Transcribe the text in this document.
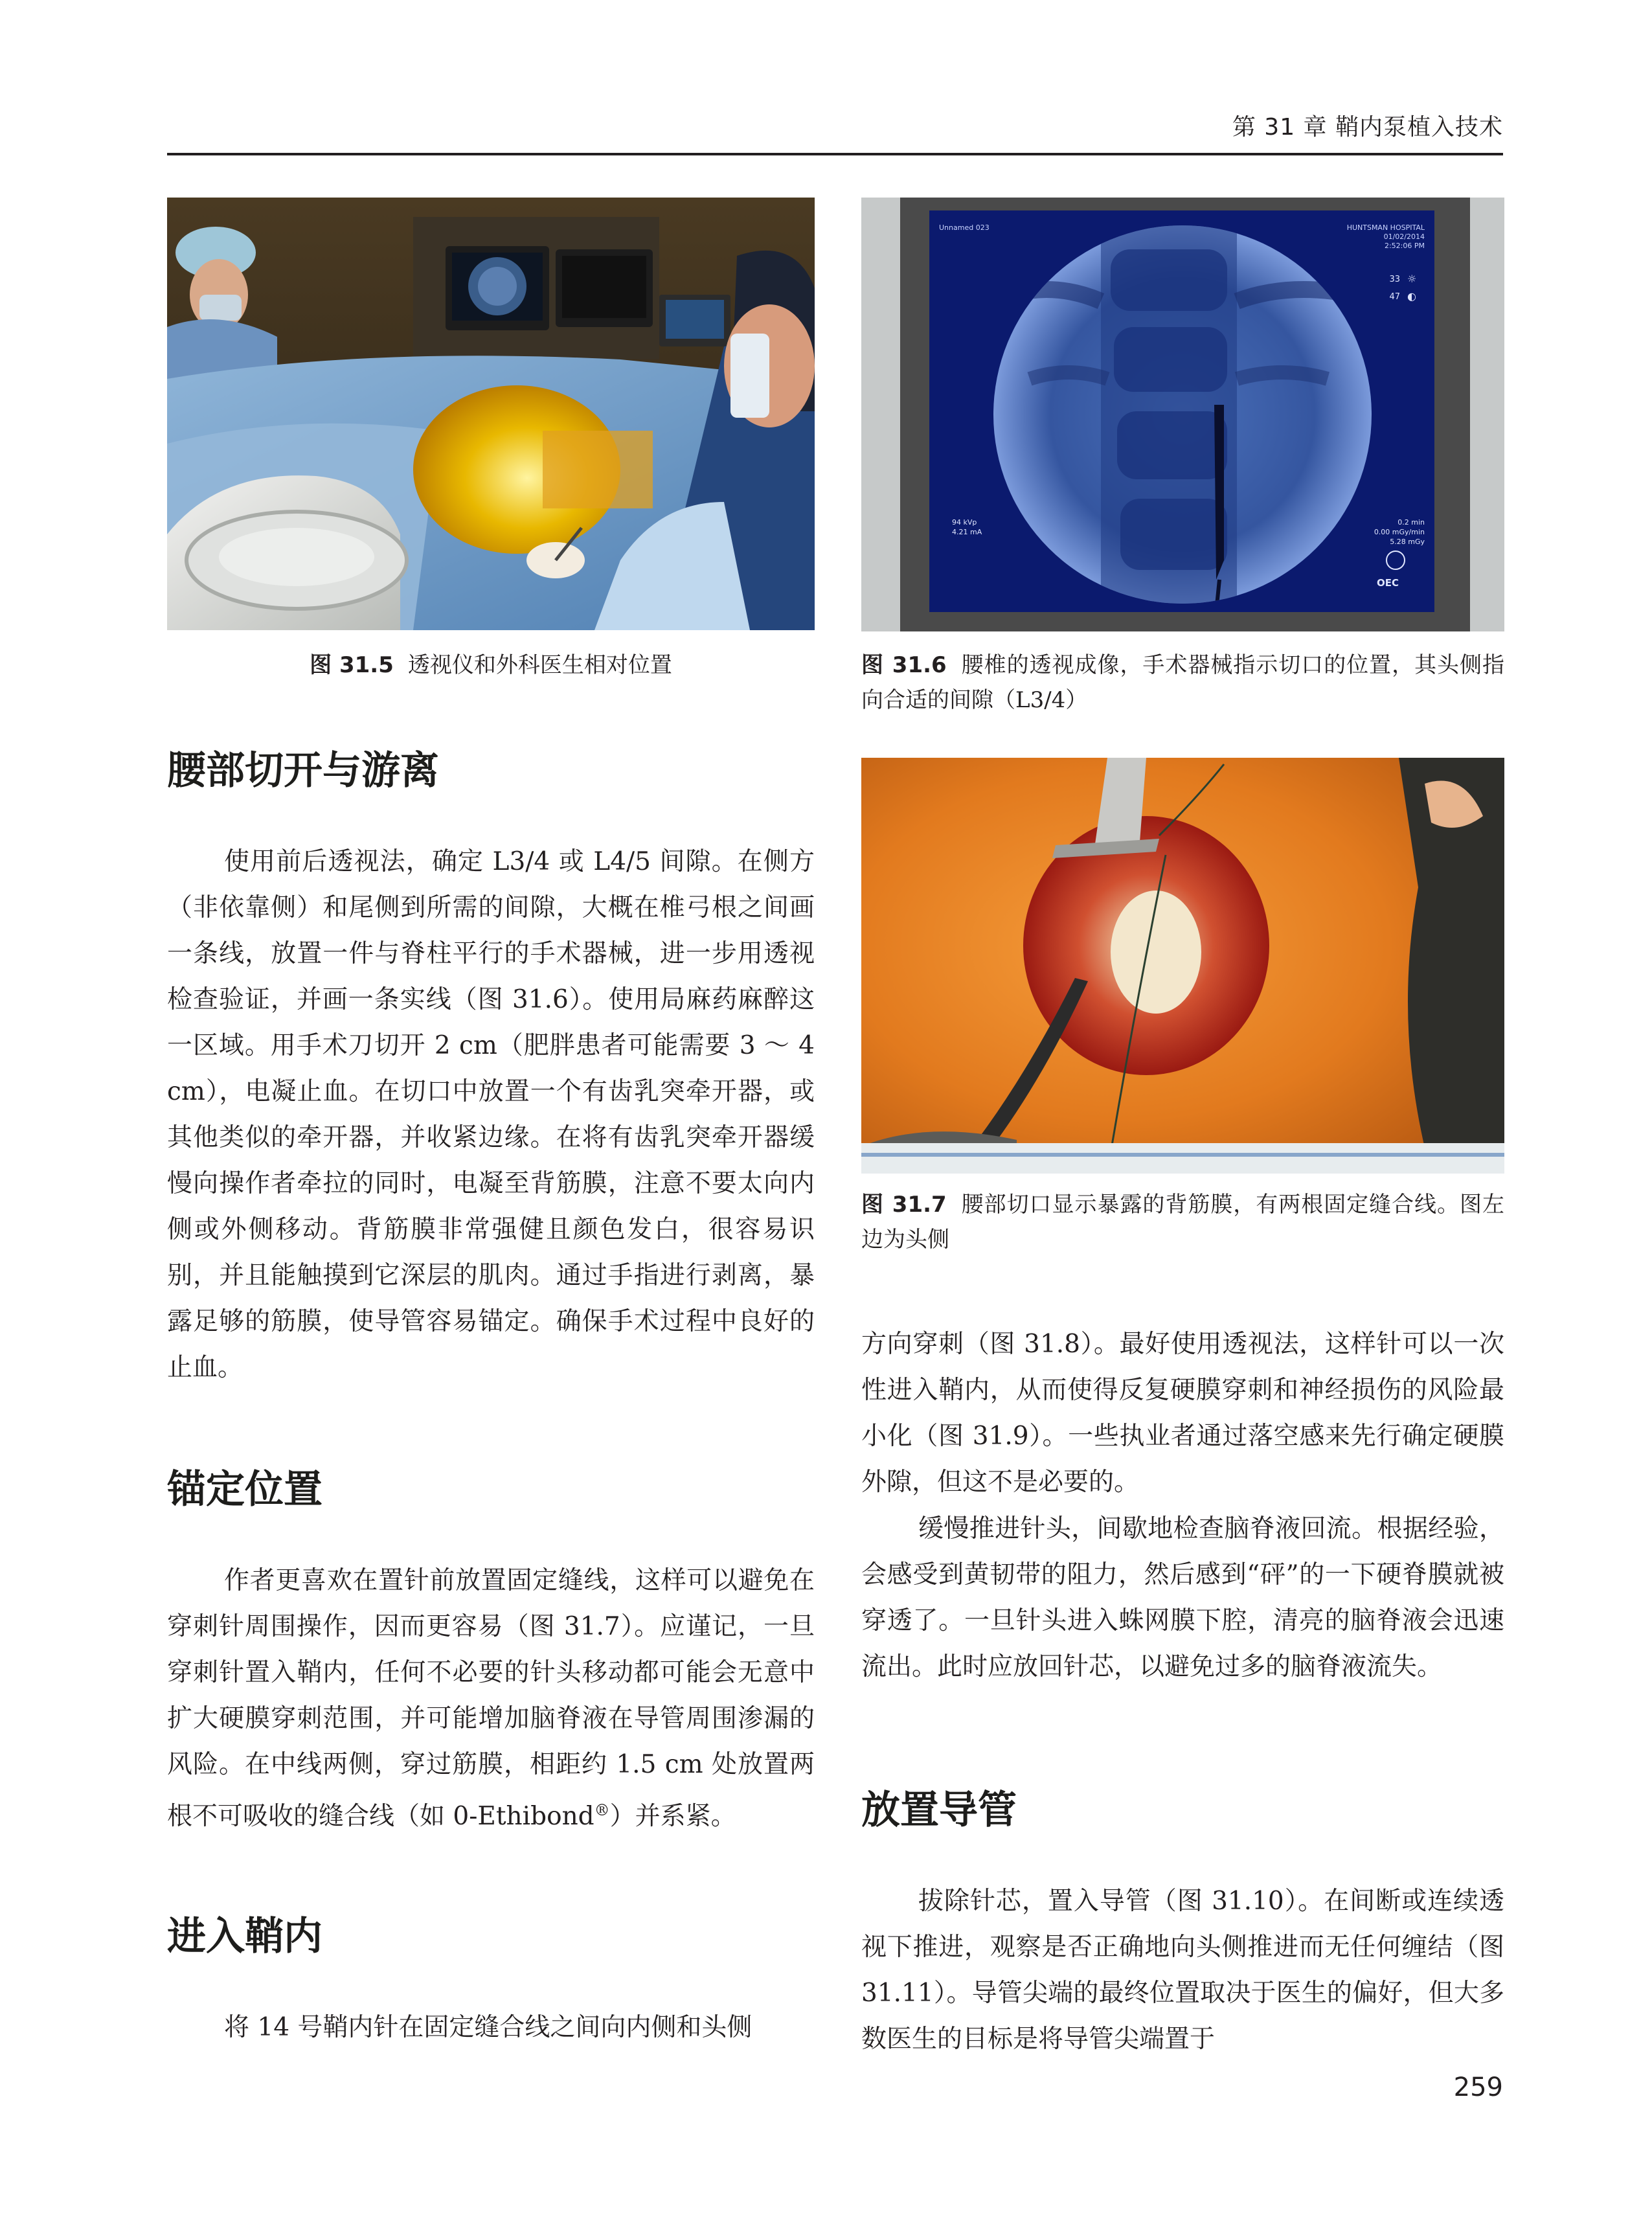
第 31 章 鞘内泵植入技术
图 31.5 透视仪和外科医生相对位置
Unnamed 023	HUNTSMAN HOSPITAL
01/02/2014
2:52:06 PM
33 ☼
47 ◐
94 kVp
4.21 mA
0.2 min
0.00 mGy/min
5.28 mGy
OEC
图 31.6 腰椎的透视成像，手术器械指示切口的位置，其头侧指向合适的间隙（L3/4）
图 31.7 腰部切口显示暴露的背筋膜，有两根固定缝合线。图左边为头侧
腰部切开与游离
使用前后透视法，确定 L3/4 或 L4/5 间隙。在侧方（非依靠侧）和尾侧到所需的间隙，大概在椎弓根之间画一条线，放置一件与脊柱平行的手术器械，进一步用透视检查验证，并画一条实线（图 31.6）。使用局麻药麻醉这一区域。用手术刀切开 2 cm（肥胖患者可能需要 3 ～ 4 cm），电凝止血。在切口中放置一个有齿乳突牵开器，或其他类似的牵开器，并收紧边缘。在将有齿乳突牵开器缓慢向操作者牵拉的同时，电凝至背筋膜，注意不要太向内侧或外侧移动。背筋膜非常强健且颜色发白，很容易识别，并且能触摸到它深层的肌肉。通过手指进行剥离，暴露足够的筋膜，使导管容易锚定。确保手术过程中良好的止血。
锚定位置
作者更喜欢在置针前放置固定缝线，这样可以避免在穿刺针周围操作，因而更容易（图 31.7）。应谨记，一旦穿刺针置入鞘内，任何不必要的针头移动都可能会无意中扩大硬膜穿刺范围，并可能增加脑脊液在导管周围渗漏的风险。在中线两侧，穿过筋膜，相距约 1.5 cm 处放置两根不可吸收的缝合线（如 0-Ethibond®）并系紧。
进入鞘内
将 14 号鞘内针在固定缝合线之间向内侧和头侧
方向穿刺（图 31.8）。最好使用透视法，这样针可以一次性进入鞘内，从而使得反复硬膜穿刺和神经损伤的风险最小化（图 31.9）。一些执业者通过落空感来先行确定硬膜外隙，但这不是必要的。
缓慢推进针头，间歇地检查脑脊液回流。根据经验，会感受到黄韧带的阻力，然后感到“砰”的一下硬脊膜就被穿透了。一旦针头进入蛛网膜下腔，清亮的脑脊液会迅速流出。此时应放回针芯，以避免过多的脑脊液流失。
放置导管
拔除针芯，置入导管（图 31.10）。在间断或连续透视下推进，观察是否正确地向头侧推进而无任何缠结（图 31.11）。导管尖端的最终位置取决于医生的偏好，但大多数医生的目标是将导管尖端置于
259
